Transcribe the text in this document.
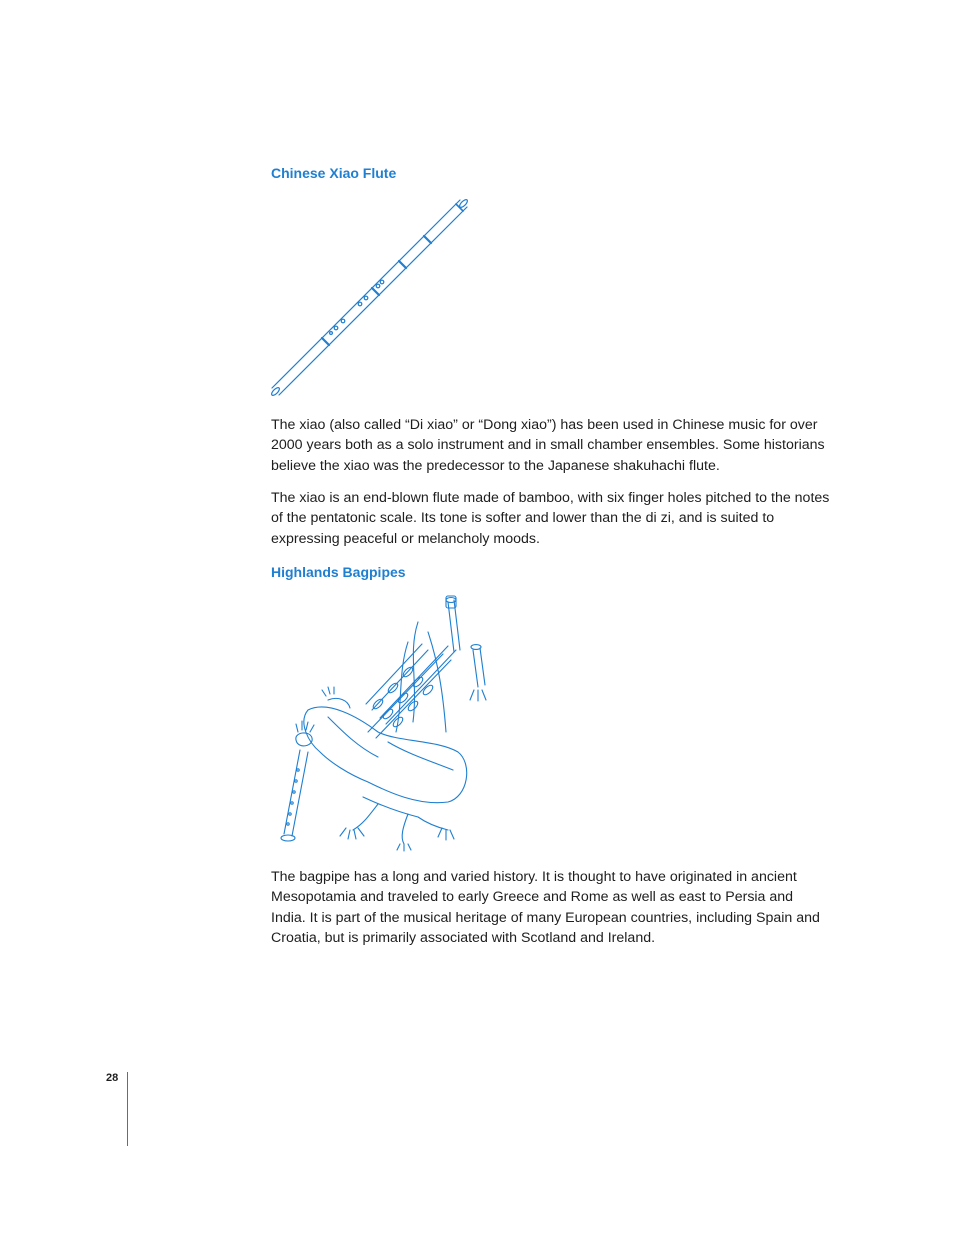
Chinese Xiao Flute

The xiao (also called “Di xiao” or “Dong xiao”) has been used in Chinese music for over 2000 years both as a solo instrument and in small chamber ensembles. Some historians believe the xiao was the predecessor to the Japanese shakuhachi flute.

The xiao is an end-blown flute made of bamboo, with six finger holes pitched to the notes of the pentatonic scale. Its tone is softer and lower than the di zi, and is suited to expressing peaceful or melancholy moods.

Highlands Bagpipes

The bagpipe has a long and varied history. It is thought to have originated in ancient Mesopotamia and traveled to early Greece and Rome as well as east to Persia and India. It is part of the musical heritage of many European countries, including Spain and Croatia, but is primarily associated with Scotland and Ireland.

28
